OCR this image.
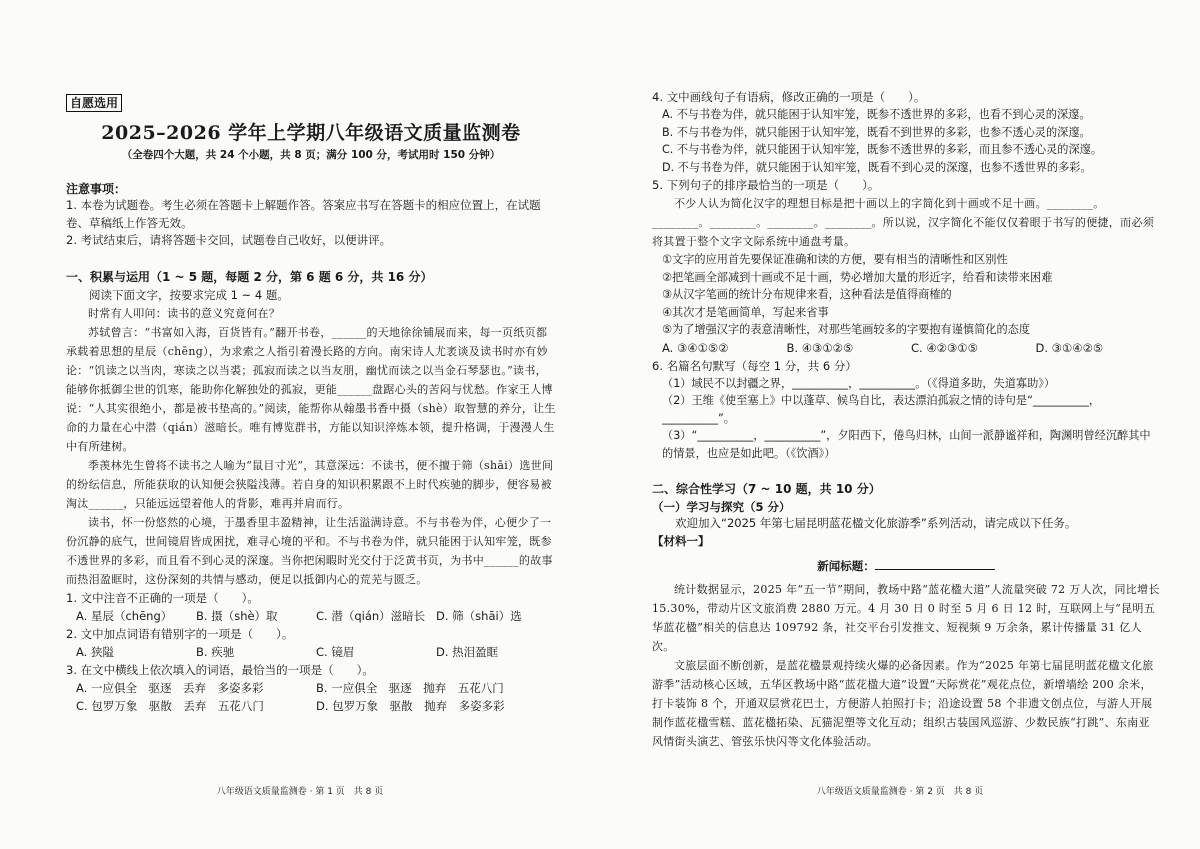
自愿选用
2025–2026 学年上学期八年级语文质量监测卷
（全卷四个大题，共 24 个小题，共 8 页；满分 100 分，考试用时 150 分钟）
注意事项：

1. 本卷为试题卷。考生必须在答题卡上解题作答。答案应书写在答题卡的相应位置上，在试题卷、草稿纸上作答无效。

2. 考试结束后，请将答题卡交回，试题卷自己收好，以便讲评。

一、积累与运用（1 ~ 5 题，每题 2 分，第 6 题 6 分，共 16 分）

阅读下面文字，按要求完成 1 ~ 4 题。

时常有人叩问：读书的意义究竟何在？

苏轼曾言：“书富如入海，百货皆有。”翻开书卷，______的天地徐徐铺展而来，每一页纸页都承载着思想的星辰（chēng），为求索之人指引着漫长路的方向。南宋诗人尤袤谈及读书时亦有妙论：“饥读之以当肉，寒读之以当裘；孤寂而读之以当友朋，幽忧而读之以当金石琴瑟也。”读书，能够你抵御尘世的饥寒，能助你化解独处的孤寂，更能______盘踞心头的苦闷与忧愁。作家王人博说：“人其实很绝小，都是被书垫高的。”阅读，能帮你从翰墨书香中摄（shè）取智慧的养分，让生命的力量在心中潜（qián）滋暗长。唯有博览群书，方能以知识淬炼本领，提升格调，于漫漫人生中有所建树。

季羡林先生曾将不读书之人喻为“鼠目寸光”，其意深远：不读书，便不擅于筛（shāi）选世间的纷纭信息，所能获取的认知便会狭隘浅薄。若自身的知识积累跟不上时代疾驰的脚步，便容易被淘汰______，只能远远望着他人的背影，难再并肩而行。

读书，怀一份悠然的心境，于墨香里丰盈精神，让生活溢满诗意。不与书卷为伴，心便少了一份沉静的底气，世间镜眉皆成困扰，难寻心境的平和。不与书卷为伴，就只能困于认知牢笼，既参不透世界的多彩，而且看不到心灵的深邃。当你把闲暇时光交付于泛黄书页，为书中______的故事而热泪盈眶时，这份深刻的共情与感动，便足以抵御内心的荒芜与匮乏。

1. 文中注音不正确的一项是（　　）。

A. 星辰（chēng）	B. 摄（shè）取	C. 潜（qián）滋暗长 D. 筛（shāi）选

2. 文中加点词语有错别字的一项是（　　）。

A. 狭隘	B. 疾驰	C. 镜眉	D. 热泪盈眶

3. 在文中横线上依次填入的词语，最恰当的一项是（　　）。

A. 一应俱全　驱逐　丢弃　多姿多彩	B. 一应俱全　驱逐　抛弃　五花八门
C. 包罗万象　驱散　丢弃　五花八门	D. 包罗万象　驱散　抛弃　多姿多彩
八年级语文质量监测卷 · 第 1 页　共 8 页

4. 文中画线句子有语病，修改正确的一项是（　　）。

A. 不与书卷为伴，就只能困于认知牢笼，既参不透世界的多彩，也看不到心灵的深邃。

B. 不与书卷为伴，就只能困于认知牢笼，既看不到世界的多彩，也参不透心灵的深邃。

C. 不与书卷为伴，就只能困于认知牢笼，既参不透世界的多彩，而且参不透心灵的深邃。

D. 不与书卷为伴，就只能困于认知牢笼，既看不到心灵的深邃，也参不透世界的多彩。

5. 下列句子的排序最恰当的一项是（　　）。

不少人认为简化汉字的理想目标是把十画以上的字简化到十画或不足十画。________。________。________。________。________。所以说，汉字简化不能仅仅着眼于书写的便捷，而必须将其置于整个文字文际系统中通盘考量。

①文字的应用首先要保证准确和读的方便，要有相当的清晰性和区别性

②把笔画全部减到十画或不足十画，势必增加大量的形近字，给看和读带来困难

③从汉字笔画的统计分布规律来看，这种看法是值得商榷的

④其次才是笔画简单，写起来省事

⑤为了增强汉字的表意清晰性，对那些笔画较多的字要抱有谨慎简化的态度

A. ③④①⑤②	B. ④③①②⑤	C. ④②③①⑤	D. ③①④②⑤

6. 名篇名句默写（每空 1 分，共 6 分）

（1）域民不以封疆之界，__________，__________。（《得道多助，失道寡助》）

（2）王维《使至塞上》中以蓬草、候鸟自比，表达漂泊孤寂之情的诗句是“__________，__________”。

（3）“__________，__________”，夕阳西下，倦鸟归林，山间一派静谧祥和，陶渊明曾经沉醉其中的情景，也应是如此吧。（《饮酒》）

二、综合性学习（7 ~ 10 题，共 10 分）

（一）学习与探究（5 分）

欢迎加入“2025 年第七届昆明蓝花楹文化旅游季”系列活动，请完成以下任务。

【材料一】

新闻标题：

统计数据显示，2025 年“五一节”期间，教场中路“蓝花楹大道”人流量突破 72 万人次，同比增长 15.30%，带动片区文旅消费 2880 万元。4 月 30 日 0 时至 5 月 6 日 12 时，互联网上与“昆明五华蓝花楹”相关的信息达 109792 条，社交平台引发推文、短视频 9 万余条，累计传播量 31 亿人次。

文旅层面不断创新，是蓝花楹景观持续火爆的必备因素。作为“2025 年第七届昆明蓝花楹文化旅游季”活动核心区域，五华区教场中路“蓝花楹大道”设置“天际赏花”观花点位，新增墙绘 200 余米，打卡装饰 8 个，开通双层赏花巴士，方便游人拍照打卡；沿途设置 58 个非遗文创点位，与游人开展制作蓝花楹雪糕、蓝花楹拓染、瓦猫泥塑等文化互动；组织古装国风巡游、少数民族“打跳”、东南亚风情街头演艺、管弦乐快闪等文化体验活动。

八年级语文质量监测卷 · 第 2 页　共 8 页
